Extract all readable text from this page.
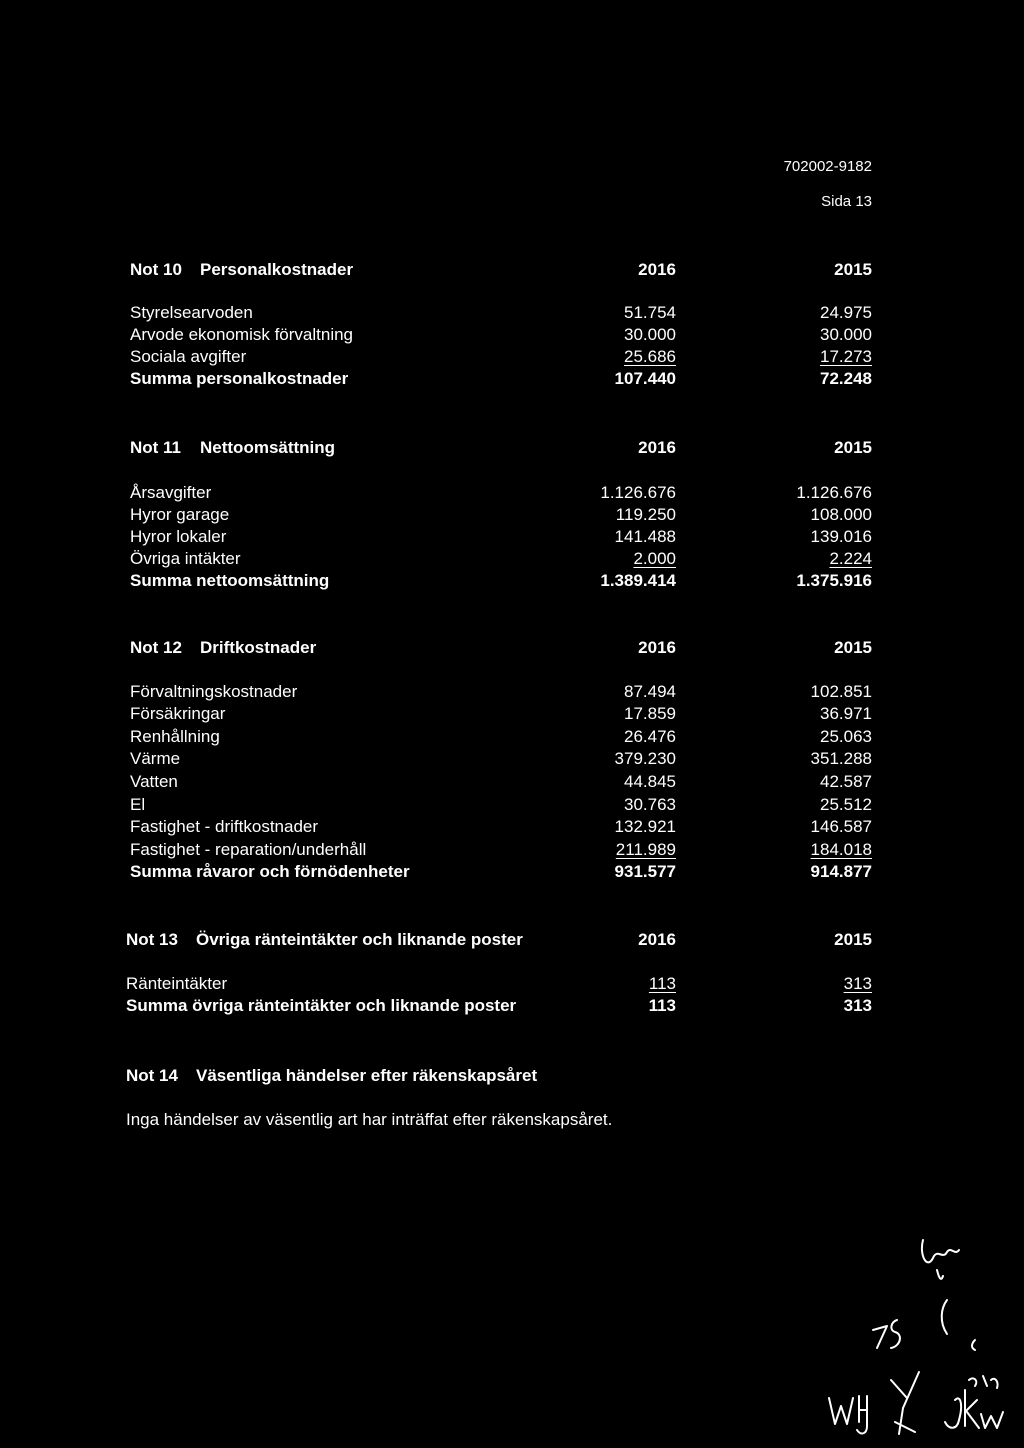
702002-9182
Sida 13
Not 10 Personalkostnader	2016	2015
Styrelsearvoden	51.754	24.975
Arvode ekonomisk förvaltning	30.000	30.000
Sociala avgifter	25.686	17.273
Summa personalkostnader	107.440	72.248
Not 11 Nettoomsättning	2016	2015
Årsavgifter	1.126.676	1.126.676
Hyror garage	119.250	108.000
Hyror lokaler	141.488	139.016
Övriga intäkter	2.000	2.224
Summa nettoomsättning	1.389.414	1.375.916
Not 12 Driftkostnader	2016	2015
Förvaltningskostnader	87.494	102.851
Försäkringar	17.859	36.971
Renhållning	26.476	25.063
Värme	379.230	351.288
Vatten	44.845	42.587
El	30.763	25.512
Fastighet - driftkostnader	132.921	146.587
Fastighet - reparation/underhåll	211.989	184.018
Summa råvaror och förnödenheter	931.577	914.877
Not 13 Övriga ränteintäkter och liknande poster	2016	2015
Ränteintäkter	113	313
Summa övriga ränteintäkter och liknande poster	113	313
Not 14 Väsentliga händelser efter räkenskapsåret
Inga händelser av väsentlig art har inträffat efter räkenskapsåret.
